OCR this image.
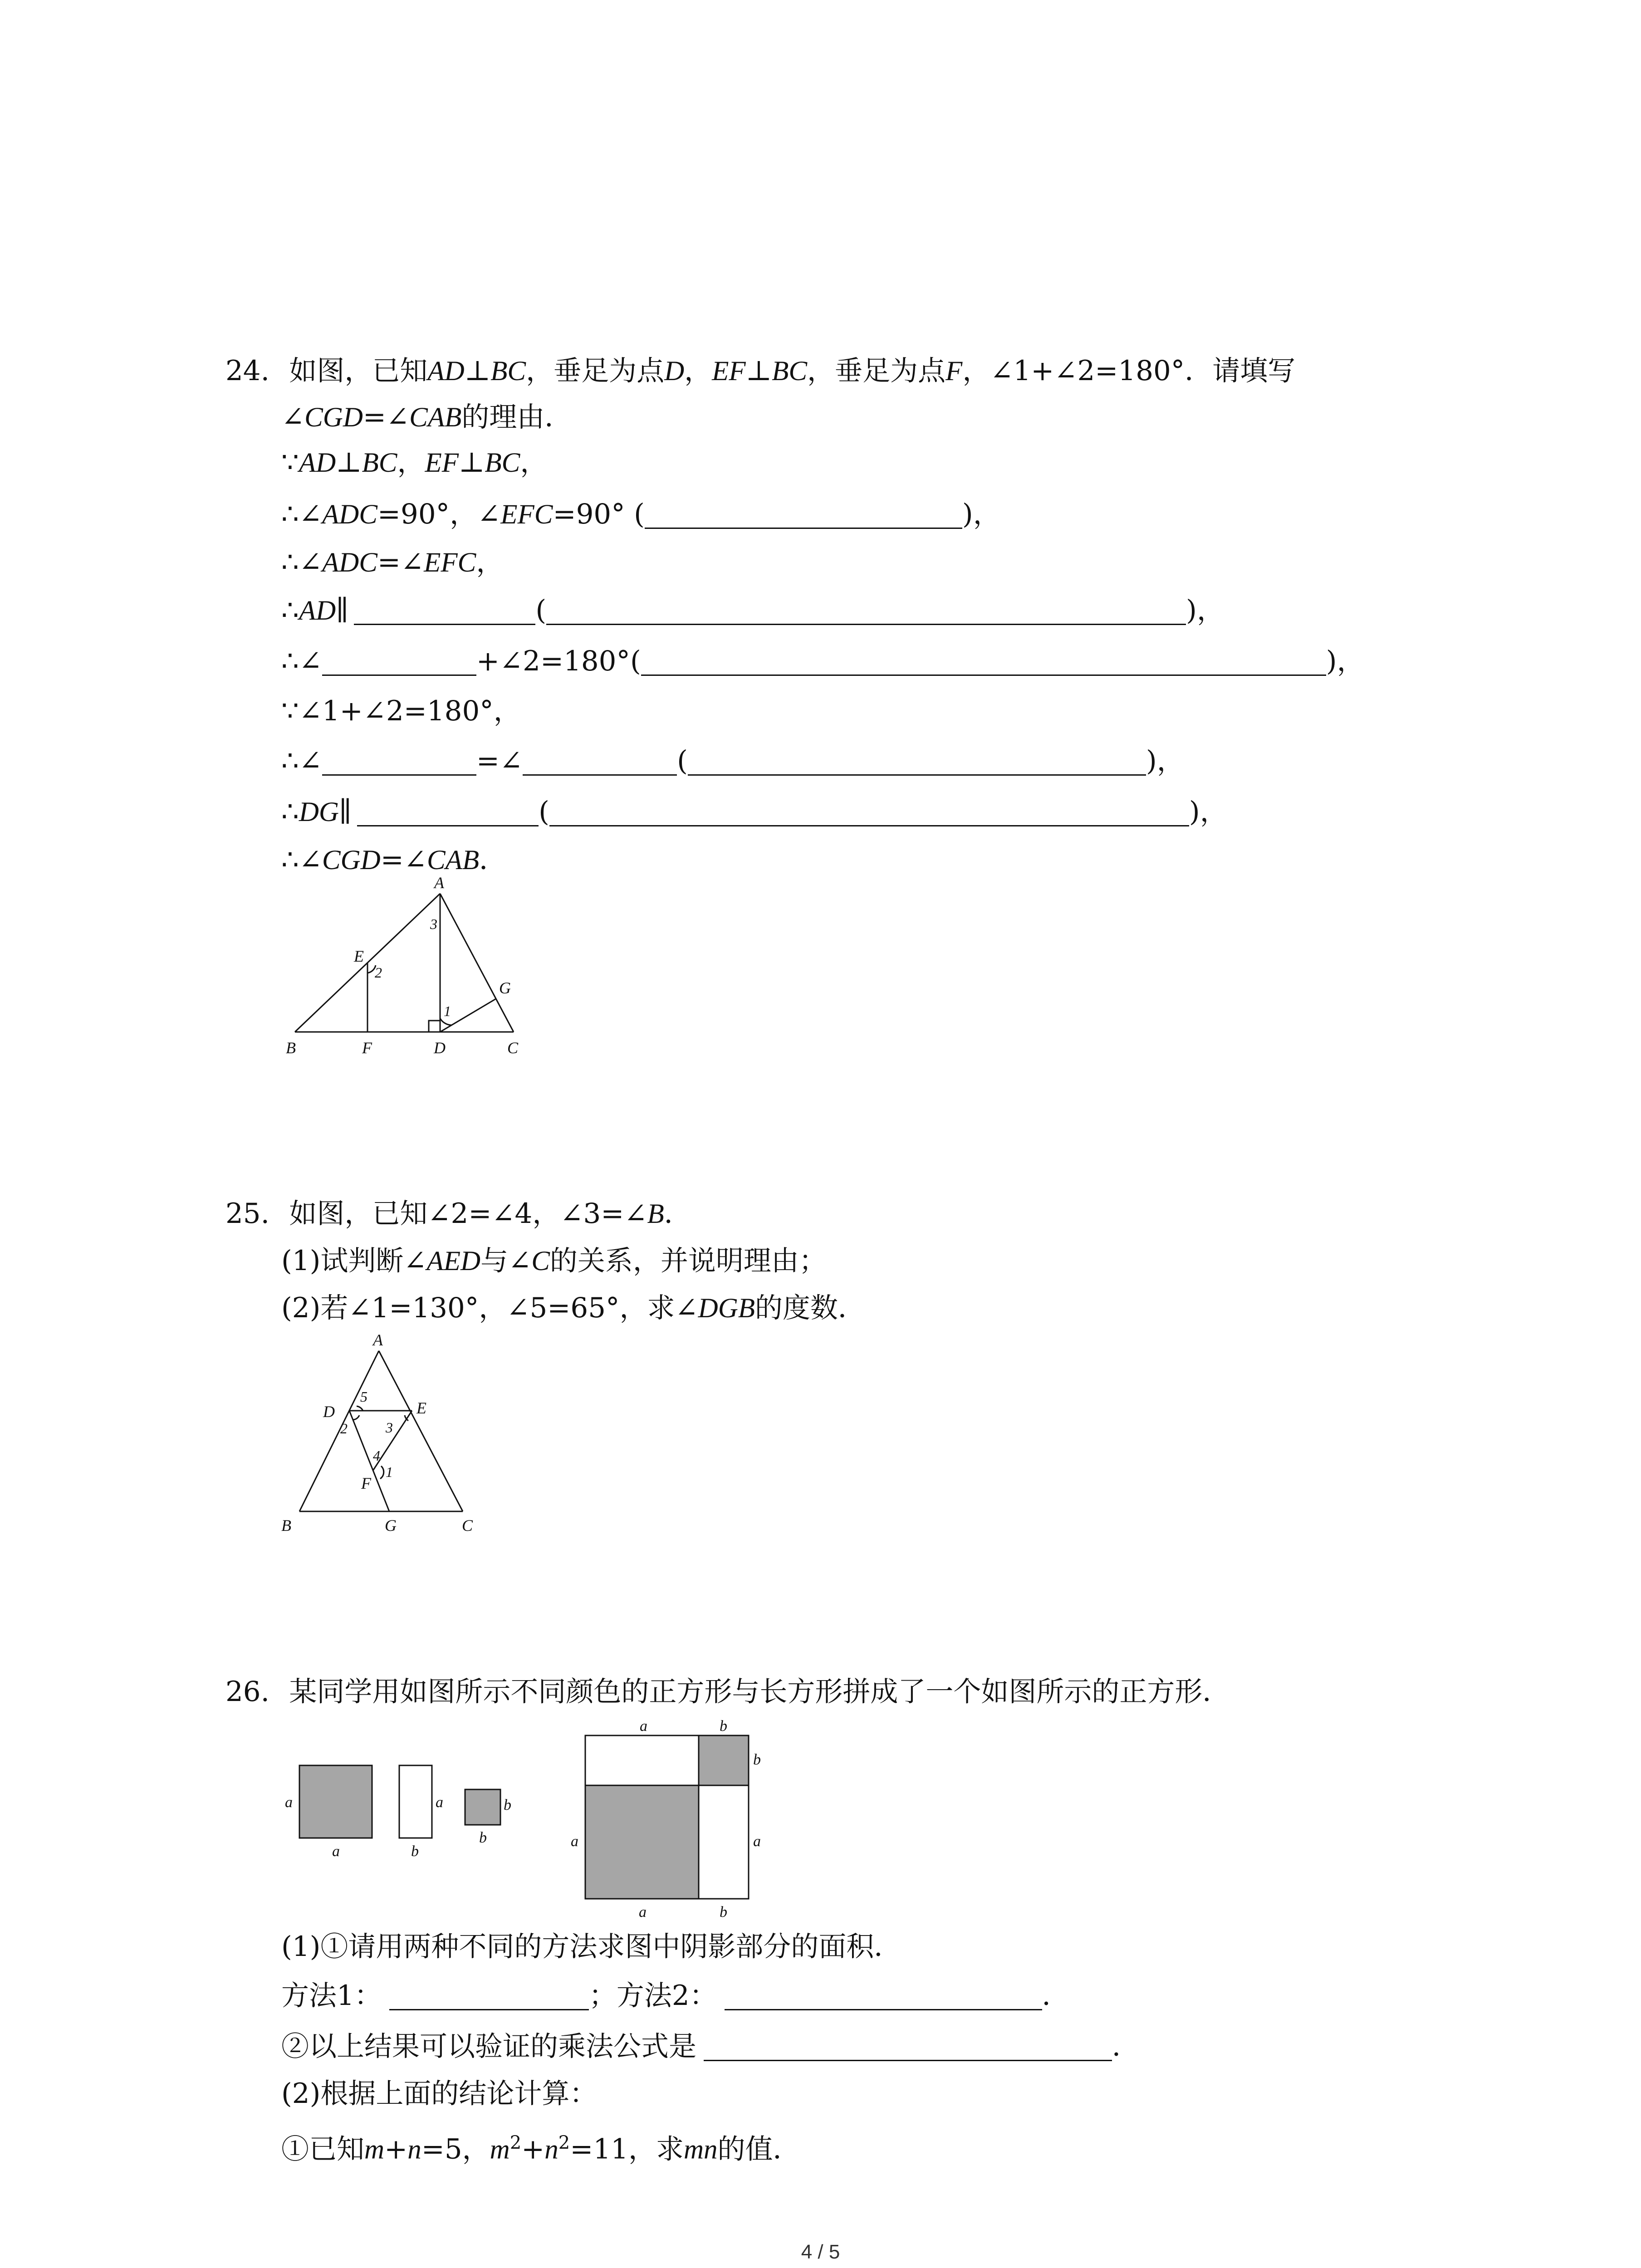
24. 如图，已知AD⊥BC，垂足为点D，EF⊥BC，垂足为点F，∠1+∠2=180°．请填写
∠CGD=∠CAB的理由．
∵AD⊥BC，EF⊥BC，
∴∠ADC=90°，∠EFC=90° (	)，
∴∠ADC=∠EFC，
∴AD∥	(	)，
∴∠	+∠2=180°(	)，
∵∠1+∠2=180°，
∴∠	=∠	(	)，
∴DG∥	(	)，
∴∠CGD=∠CAB．
A
B	C
D
E
F
G
1
2
3
25. 如图，已知∠2=∠4，∠3=∠B．
(1)试判断∠AED与∠C的关系，并说明理由；
(2)若∠1=130°，∠5=65°，求∠DGB的度数．
A
B	C
D	E
F
G
1
2	3
4
5
26. 某同学用如图所示不同颜色的正方形与长方形拼成了一个如图所示的正方形．
a
a
a
b
b
b
a	b
b
a
a
a	b
(1)①请用两种不同的方法求图中阴影部分的面积．
方法1：	；方法2：	．
②以上结果可以验证的乘法公式是	．
(2)根据上面的结论计算：
①已知m+n=5，$m^2+n^2=11$，求mn的值．
4 / 5
